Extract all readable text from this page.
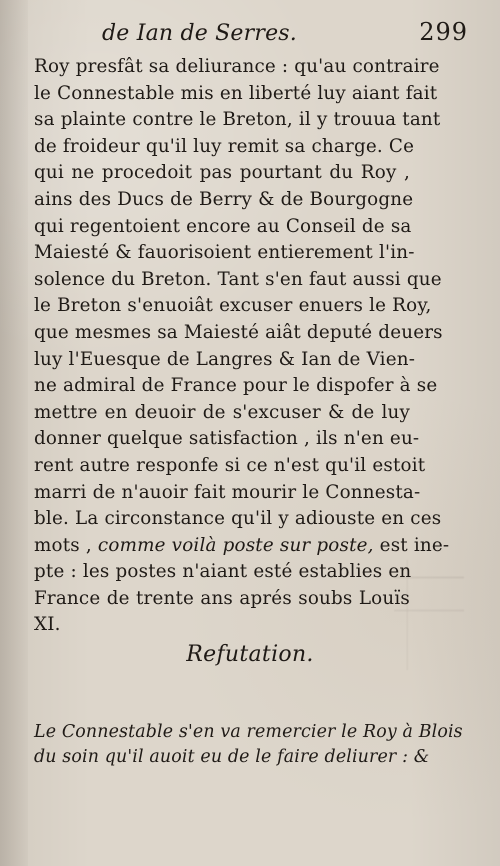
de Ian de Serres.	299
Roy presfât sa deliurance : qu'au contraire
le Connestable mis en liberté luy aiant fait
sa plainte contre le Breton, il y trouua tant
de froideur qu'il luy remit sa charge. Ce
qui ne procedoit pas pourtant du Roy ,
ains des Ducs de Berry & de Bourgogne
qui regentoient encore au Conseil de sa
Maiesté & fauorisoient entierement l'in-
solence du Breton. Tant s'en faut aussi que
le Breton s'enuoiât excuser enuers le Roy,
que mesmes sa Maiesté aiât deputé deuers
luy l'Euesque de Langres & Ian de Vien-
ne admiral de France pour le dispofer à se
mettre en deuoir de s'excuser & de luy
donner quelque satisfaction , ils n'en eu-
rent autre responfe si ce n'est qu'il estoit
marri de n'auoir fait mourir le Connesta-
ble. La circonstance qu'il y adiouste en ces
mots , comme voilà poste sur poste, est ine-
pte : les postes n'aiant esté establies en
France de trente ans aprés soubs Louïs
XI.
Refutation.
Le Connestable s'en va remercier le Roy à Blois
du soin qu'il auoit eu de le faire deliurer : &
